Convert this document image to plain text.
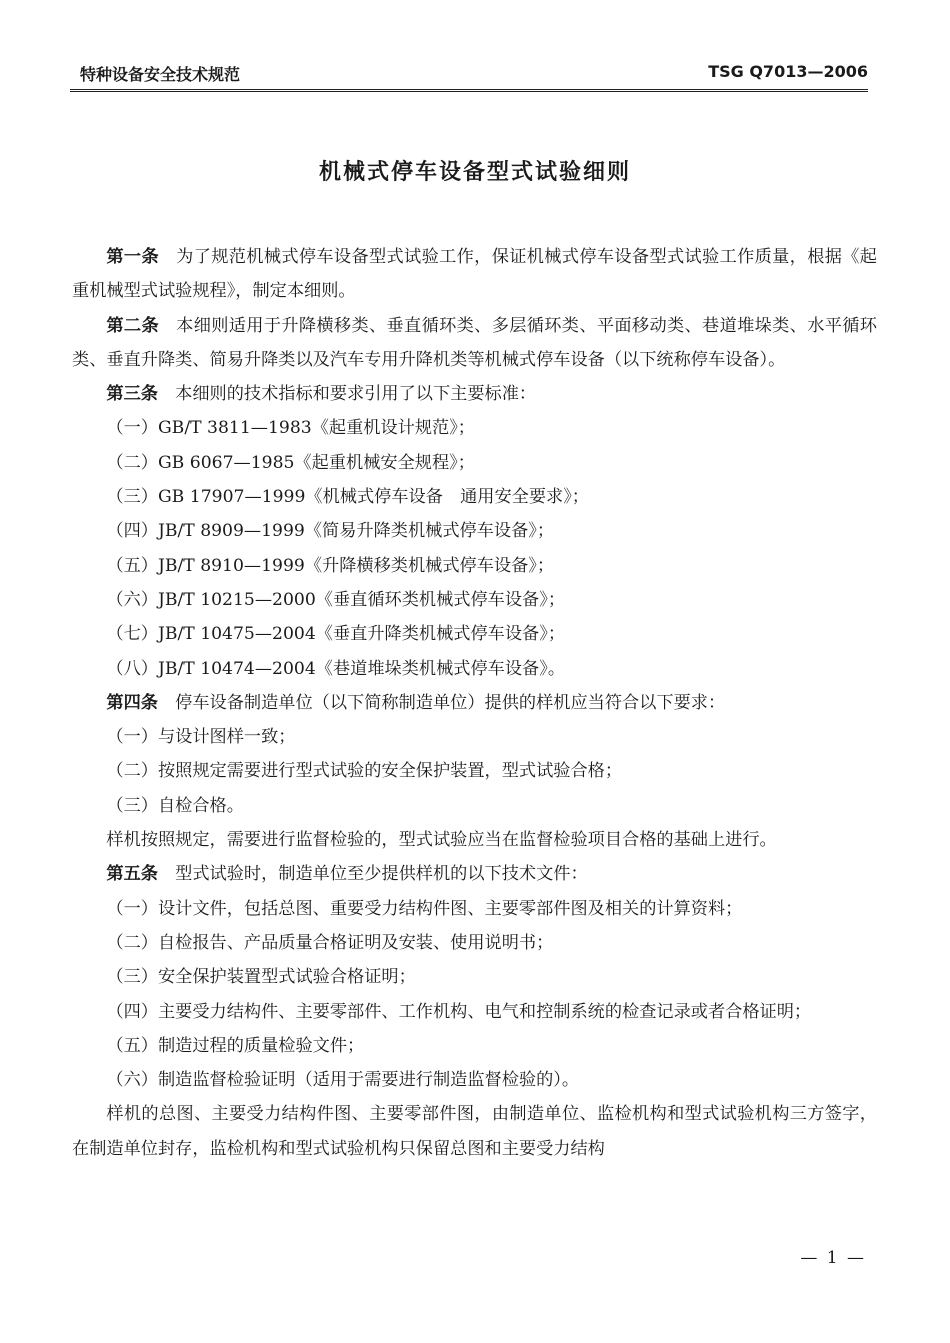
特种设备安全技术规范	TSG Q7013—2006
机械式停车设备型式试验细则

第一条 为了规范机械式停车设备型式试验工作，保证机械式停车设备型式试验工作质量，根据《起重机械型式试验规程》，制定本细则。

第二条 本细则适用于升降横移类、垂直循环类、多层循环类、平面移动类、巷道堆垛类、水平循环类、垂直升降类、简易升降类以及汽车专用升降机类等机械式停车设备（以下统称停车设备）。

第三条 本细则的技术指标和要求引用了以下主要标准：

（一）GB/T 3811—1983《起重机设计规范》；

（二）GB 6067—1985《起重机械安全规程》；

（三）GB 17907—1999《机械式停车设备　通用安全要求》；

（四）JB/T 8909—1999《简易升降类机械式停车设备》；

（五）JB/T 8910—1999《升降横移类机械式停车设备》；

（六）JB/T 10215—2000《垂直循环类机械式停车设备》；

（七）JB/T 10475—2004《垂直升降类机械式停车设备》；

（八）JB/T 10474—2004《巷道堆垛类机械式停车设备》。

第四条 停车设备制造单位（以下简称制造单位）提供的样机应当符合以下要求：

（一）与设计图样一致；

（二）按照规定需要进行型式试验的安全保护装置，型式试验合格；

（三）自检合格。

样机按照规定，需要进行监督检验的，型式试验应当在监督检验项目合格的基础上进行。

第五条 型式试验时，制造单位至少提供样机的以下技术文件：

（一）设计文件，包括总图、重要受力结构件图、主要零部件图及相关的计算资料；

（二）自检报告、产品质量合格证明及安装、使用说明书；

（三）安全保护装置型式试验合格证明；

（四）主要受力结构件、主要零部件、工作机构、电气和控制系统的检查记录或者合格证明；

（五）制造过程的质量检验文件；

（六）制造监督检验证明（适用于需要进行制造监督检验的）。

样机的总图、主要受力结构件图、主要零部件图，由制造单位、监检机构和型式试验机构三方签字，在制造单位封存，监检机构和型式试验机构只保留总图和主要受力结构

— 1 —
